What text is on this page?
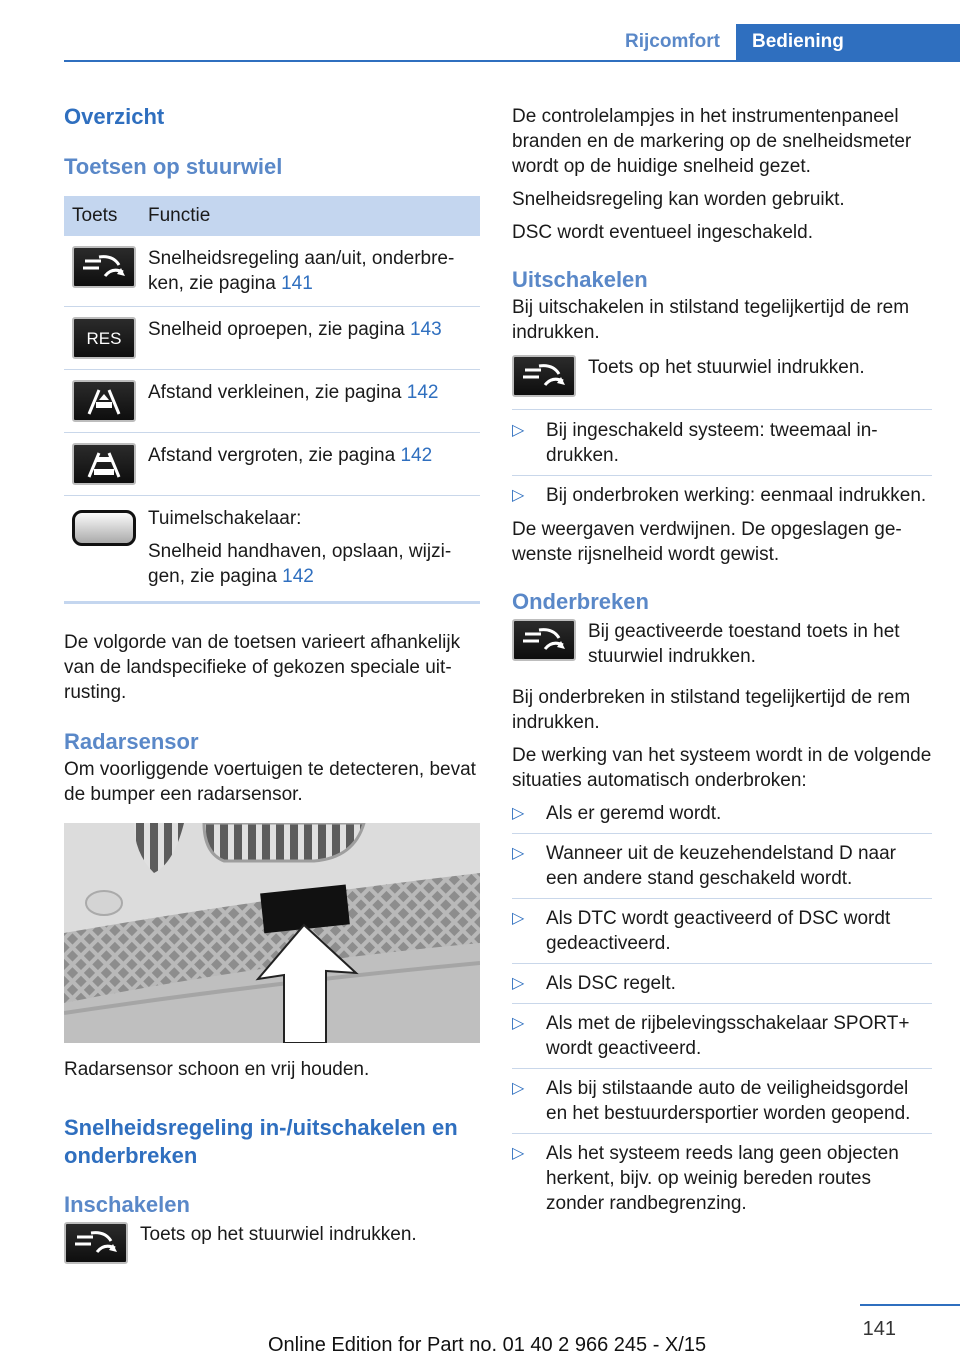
Rijcomfort	Bediening
Overzicht
Toetsen op stuurwiel
Toets	Functie

	Snelheidsregeling aan/uit, onderbreken, zie pagina 141

RES	Snelheid oproepen, zie pagina 143

	Afstand verkleinen, zie pagina 142

	Afstand vergroten, zie pagina 142

	Tuimelschakelaar:
Snelheid handhaven, opslaan, wijzigen, zie pagina 142

De volgorde van de toetsen varieert afhankelijk van de landspecifieke of gekozen speciale uitrusting.

Radarsensor

Om voorliggende voertuigen te detecteren, bevat de bumper een radarsensor.

Radarsensor schoon en vrij houden.

Snelheidsregeling in-/uitschakelen en onderbreken
Inschakelen
Toets op het stuurwiel indrukken.

De controlelampjes in het instrumentenpaneel branden en de markering op de snelheidsmeter wordt op de huidige snelheid gezet.

Snelheidsregeling kan worden gebruikt.

DSC wordt eventueel ingeschakeld.

Uitschakelen

Bij uitschakelen in stilstand tegelijkertijd de rem indrukken.

Toets op het stuurwiel indrukken.
▷ Bij ingeschakeld systeem: tweemaal indrukken.
▷ Bij onderbroken werking: eenmaal indrukken.

De weergaven verdwijnen. De opgeslagen gewenste rijsnelheid wordt gewist.

Onderbreken
Bij geactiveerde toestand toets in het stuurwiel indrukken.

Bij onderbreken in stilstand tegelijkertijd de rem indrukken.

De werking van het systeem wordt in de volgende situaties automatisch onderbroken:

▷ Als er geremd wordt.
▷ Wanneer uit de keuzehendelstand D naar een andere stand geschakeld wordt.
▷ Als DTC wordt geactiveerd of DSC wordt gedeactiveerd.
▷ Als DSC regelt.
▷ Als met de rijbelevingsschakelaar SPORT+ wordt geactiveerd.
▷ Als bij stilstaande auto de veiligheidsgordel en het bestuurdersportier worden geopend.
▷ Als het systeem reeds lang geen objecten herkent, bijv. op weinig bereden routes zonder randbegrenzing.
141
Online Edition for Part no. 01 40 2 966 245 - X/15
